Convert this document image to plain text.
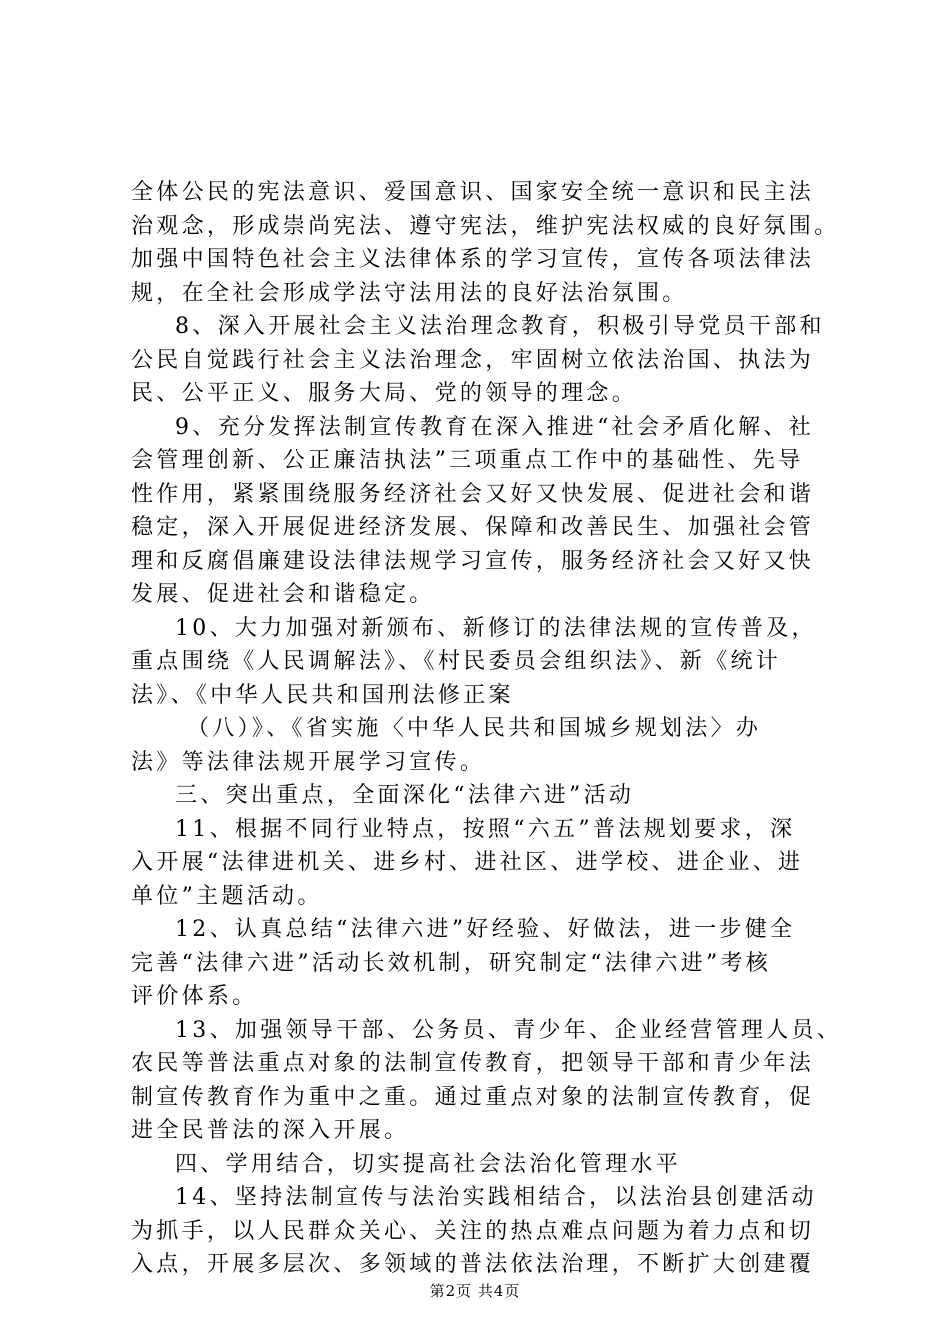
全体公民的宪法意识、爱国意识、国家安全统一意识和民主法
治观念，形成崇尚宪法、遵守宪法，维护宪法权威的良好氛围。
加强中国特色社会主义法律体系的学习宣传，宣传各项法律法
规，在全社会形成学法守法用法的良好法治氛围。
8、深入开展社会主义法治理念教育，积极引导党员干部和
公民自觉践行社会主义法治理念，牢固树立依法治国、执法为
民、公平正义、服务大局、党的领导的理念。
9、充分发挥法制宣传教育在深入推进“社会矛盾化解、社
会管理创新、公正廉洁执法”三项重点工作中的基础性、先导
性作用，紧紧围绕服务经济社会又好又快发展、促进社会和谐
稳定，深入开展促进经济发展、保障和改善民生、加强社会管
理和反腐倡廉建设法律法规学习宣传，服务经济社会又好又快
发展、促进社会和谐稳定。
10、大力加强对新颁布、新修订的法律法规的宣传普及，
重点围绕《人民调解法》、《村民委员会组织法》、新《统计
法》、《中华人民共和国刑法修正案
（八）》、《省实施〈中华人民共和国城乡规划法〉办
法》等法律法规开展学习宣传。
三、突出重点，全面深化“法律六进”活动
11、根据不同行业特点，按照“六五”普法规划要求，深
入开展“法律进机关、进乡村、进社区、进学校、进企业、进
单位”主题活动。
12、认真总结“法律六进”好经验、好做法，进一步健全
完善“法律六进”活动长效机制，研究制定“法律六进”考核
评价体系。
13、加强领导干部、公务员、青少年、企业经营管理人员、
农民等普法重点对象的法制宣传教育，把领导干部和青少年法
制宣传教育作为重中之重。通过重点对象的法制宣传教育，促
进全民普法的深入开展。
四、学用结合，切实提高社会法治化管理水平
14、坚持法制宣传与法治实践相结合，以法治县创建活动
为抓手，以人民群众关心、关注的热点难点问题为着力点和切
入点，开展多层次、多领域的普法依法治理，不断扩大创建覆
第2页 共4页
